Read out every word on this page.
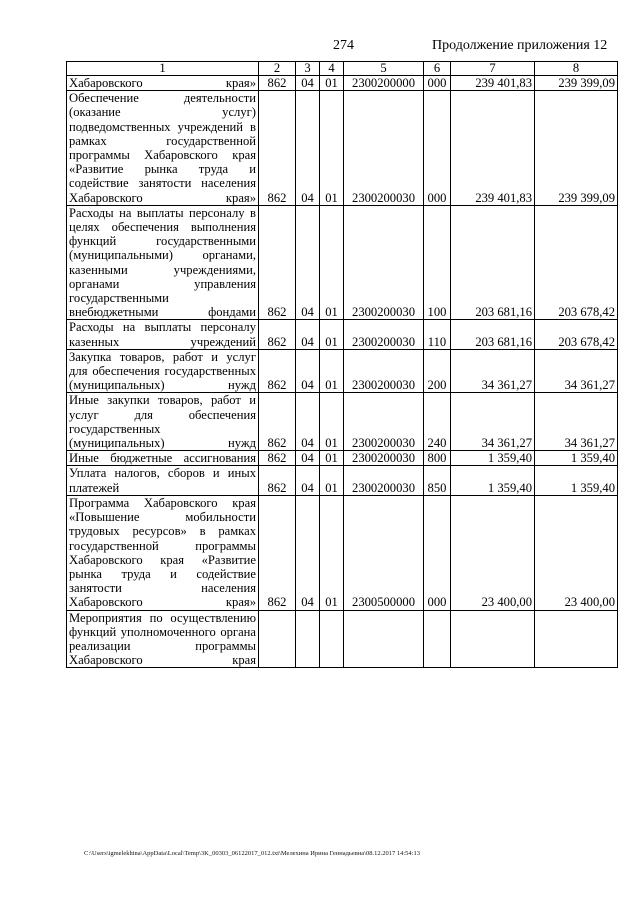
274	Продолжение приложения 12
1	2	3	4	5	6	7	8
Хабаровского края»	862	04	01	2300200000	000	239 401,83	239 399,09
Обеспечение деятельности (оказание услуг) подведомственных учреждений в рамках государственной программы Хабаровского края «Развитие рынка труда и содействие занятости населения Хабаровского края»	862	04	01	2300200030	000	239 401,83	239 399,09
Расходы на выплаты персоналу в целях обеспечения выполнения функций государственными (муниципальными) органами, казенными учреждениями, органами управления государственными внебюджетными фондами	862	04	01	2300200030	100	203 681,16	203 678,42
Расходы на выплаты персоналу казенных учреждений	862	04	01	2300200030	110	203 681,16	203 678,42
Закупка товаров, работ и услуг для обеспечения государственных (муниципальных) нужд	862	04	01	2300200030	200	34 361,27	34 361,27
Иные закупки товаров, работ и услуг для обеспечения государственных (муниципальных) нужд	862	04	01	2300200030	240	34 361,27	34 361,27
Иные бюджетные ассигнования	862	04	01	2300200030	800	1 359,40	1 359,40
Уплата налогов, сборов и иных платежей	862	04	01	2300200030	850	1 359,40	1 359,40
Программа Хабаровского края «Повышение мобильности трудовых ресурсов» в рамках государственной программы Хабаровского края «Развитие рынка труда и содействие занятости населения Хабаровского края»	862	04	01	2300500000	000	23 400,00	23 400,00
Мероприятия по осуществлению функций уполномоченного органа реализации программы Хабаровского края							
C:\Users\igmelekhina\AppData\Local\Temp\3K_00303_06122017_012.txt\Мелехина Ирина Геннадьевна\08.12.2017 14:54:13
